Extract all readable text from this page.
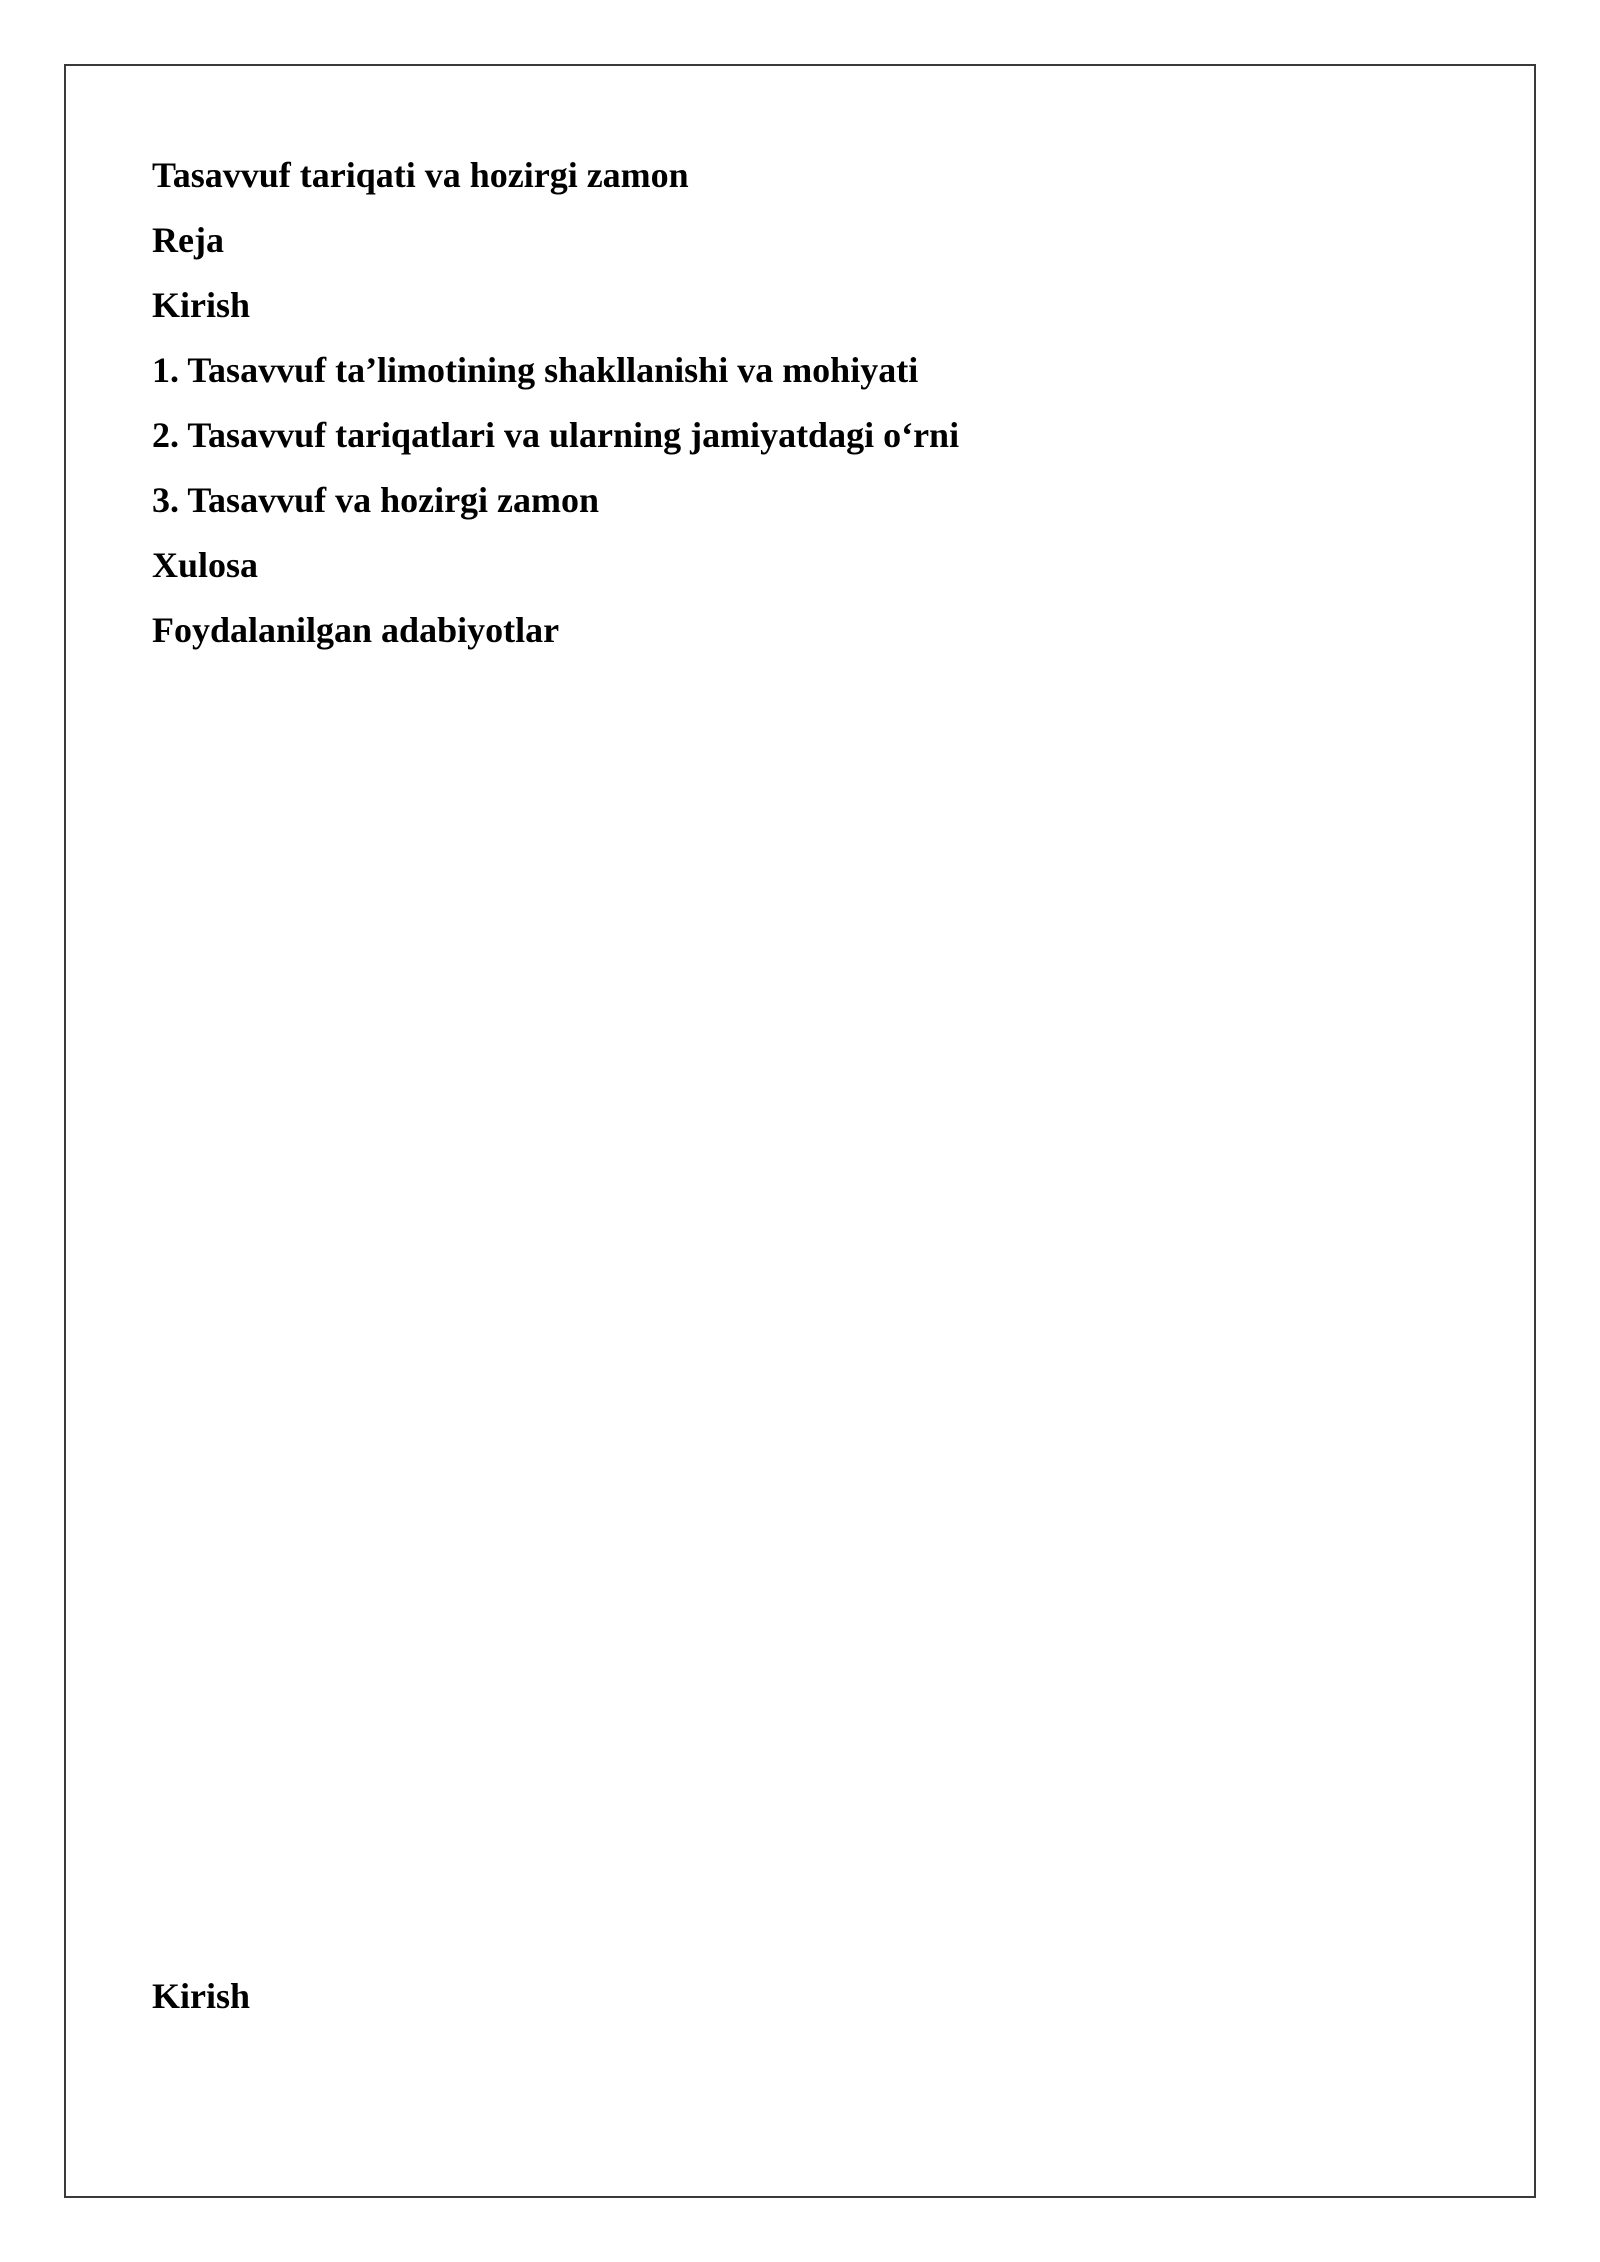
Tasavvuf tariqati va hozirgi zamon
Reja

Kirish

1. Tasavvuf ta’limotining shakllanishi va mohiyati

2. Tasavvuf tariqatlari va ularning jamiyatdagi o‘rni

3. Tasavvuf va hozirgi zamon

Xulosa

Foydalanilgan adabiyotlar

Kirish
